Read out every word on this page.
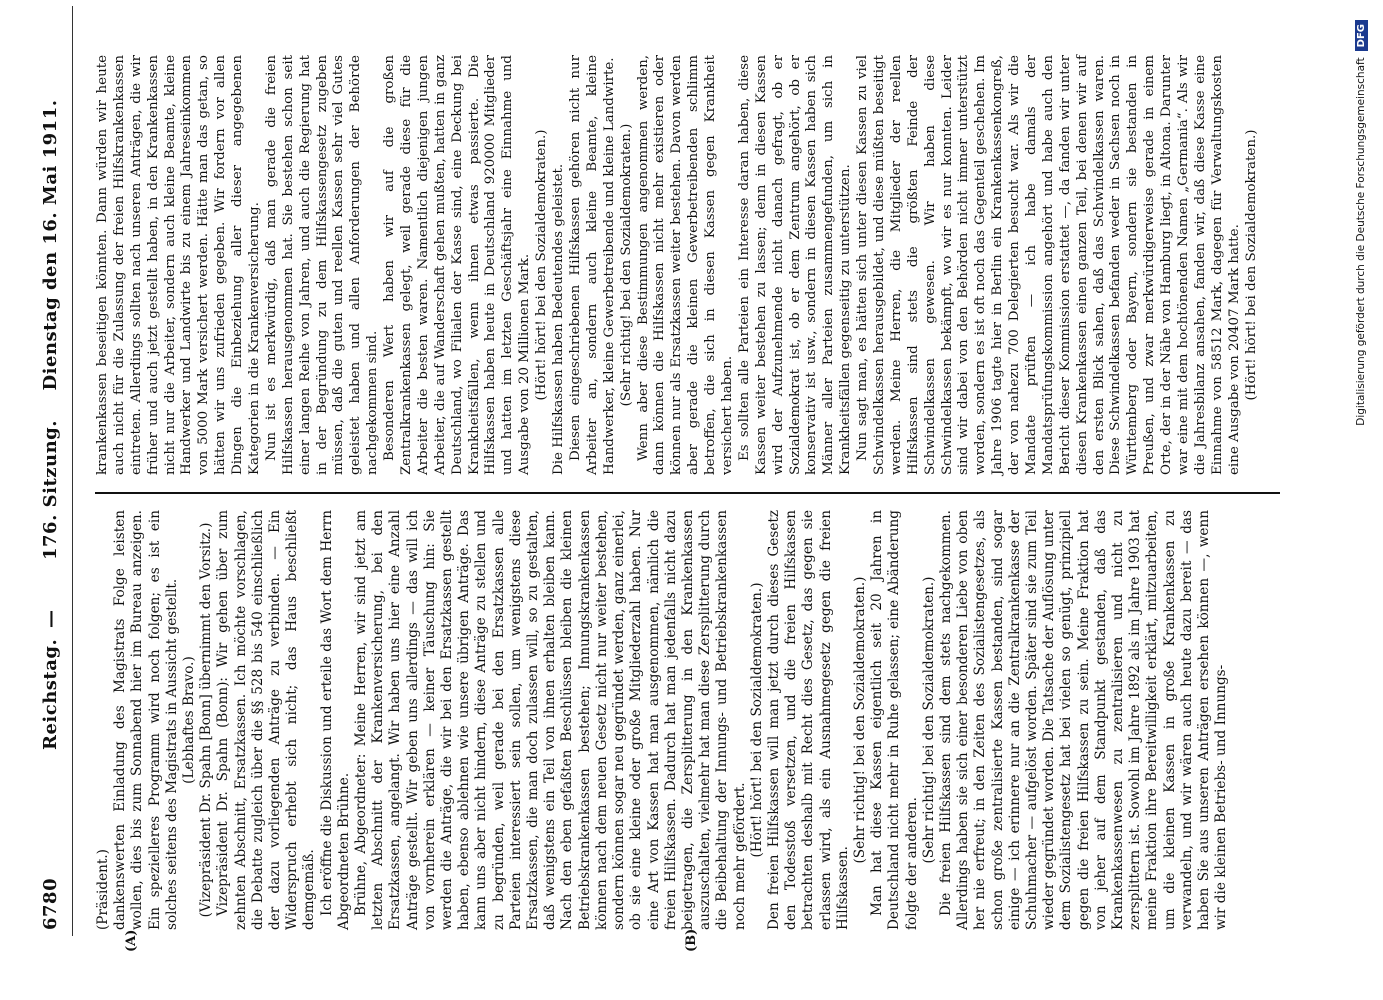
6780
Reichstag.
—
176. Sitzung.
Dienstag den 16. Mai 1911.
(A)	(B)

(Präsident.) dankenswerten Einladung des Magistrats Folge leisten wollen, dies bis zum Sonnabend hier im Bureau anzeigen. Ein spezielleres Programm wird noch folgen; es ist ein solches seitens des Magistrats in Aussicht gestellt. (Lebhaftes Bravo.) (Vizepräsident Dr. Spahn [Bonn] übernimmt den Vorsitz.) Vizepräsident Dr. Spahn (Bonn): Wir gehen über zum zehnten Abschnitt, Ersatzkassen. Ich möchte vorschlagen, die Debatte zugleich über die §§ 528 bis 540 einschließlich der dazu vorliegenden Anträge zu verbinden. — Ein Widerspruch erhebt sich nicht; das Haus beschließt demgemäß. Ich eröffne die Diskussion und erteile das Wort dem Herrn Abgeordneten Brühne. Brühne, Abgeordneter: Meine Herren, wir sind jetzt am letzten Abschnitt der Krankenversicherung, bei den Ersatzkassen, angelangt. Wir haben uns hier eine Anzahl Anträge gestellt. Wir geben uns allerdings — das will ich von vornherein erklären — keiner Täuschung hin: Sie werden die Anträge, die wir bei den Ersatzkassen gestellt haben, ebenso ablehnen wie unsere übrigen Anträge. Das kann uns aber nicht hindern, diese Anträge zu stellen und zu begründen, weil gerade bei den Ersatzkassen alle Parteien interessiert sein sollen, um wenigstens diese Ersatzkassen, die man doch zulassen will, so zu gestalten, daß wenigstens ein Teil von ihnen erhalten bleiben kann. Nach den eben gefaßten Beschlüssen bleiben die kleinen Betriebskrankenkassen bestehen; Innungskrankenkassen können nach dem neuen Gesetz nicht nur weiter bestehen, sondern können sogar neu gegründet werden, ganz einerlei, ob sie eine kleine oder große Mitgliederzahl haben. Nur eine Art von Kassen hat man ausgenommen, nämlich die freien Hilfskassen. Dadurch hat man jedenfalls nicht dazu beigetragen, die Zersplitterung in den Krankenkassen auszuschalten, vielmehr hat man diese Zersplitterung durch die Beibehaltung der Innungs- und Betriebskrankenkassen noch mehr gefördert. (Hört! hört! bei den Sozialdemokraten.) Den freien Hilfskassen will man jetzt durch dieses Gesetz den Todesstoß versetzen, und die freien Hilfskassen betrachten deshalb mit Recht dies Gesetz, das gegen sie erlassen wird, als ein Ausnahmegesetz gegen die freien Hilfskassen.

(Sehr richtig! bei den Sozialdemokraten.) Man hat diese Kassen eigentlich seit 20 Jahren in Deutschland nicht mehr in Ruhe gelassen; eine Abänderung folgte der anderen.

(Sehr richtig! bei den Sozialdemokraten.) Die freien Hilfskassen sind dem stets nachgekommen. Allerdings haben sie sich einer besonderen Liebe von oben her nie erfreut; in den Zeiten des Sozialistengesetzes, als schon große zentralisierte Kassen bestanden, sind sogar einige — ich erinnere nur an die Zentralkrankenkasse der Schuhmacher — aufgelöst worden. Später sind sie zum Teil wieder gegründet worden. Die Tatsache der Auflösung unter dem Sozialistengesetz hat bei vielen so genügt, prinzipiell gegen die freien Hilfskassen zu sein. Meine Fraktion hat von jeher auf dem Standpunkt gestanden, daß das Krankenkassenwesen zu zentralisieren und nicht zu zersplittern ist. Sowohl im Jahre 1892 als im Jahre 1903 hat meine Fraktion ihre Bereitwilligkeit erklärt, mitzuarbeiten, um die kleinen Kassen in große Krankenkassen zu verwandeln, und wir wären auch heute dazu bereit — das haben Sie aus unseren Anträgen ersehen können —, wenn wir die kleinen Betriebs- und Innungs-

krankenkassen beseitigen könnten. Dann würden wir heute auch nicht für die Zulassung der freien Hilfskrankenkassen eintreten. Allerdings sollten nach unseren Anträgen, die wir früher und auch jetzt gestellt haben, in den Krankenkassen nicht nur die Arbeiter, sondern auch kleine Beamte, kleine Handwerker und Landwirte bis zu einem Jahreseinkommen von 5000 Mark versichert werden. Hätte man das getan, so hätten wir uns zufrieden gegeben. Wir fordern vor allen Dingen die Einbeziehung aller dieser angegebenen Kategorien in die Krankenversicherung. Nun ist es merkwürdig, daß man gerade die freien Hilfskassen herausgenommen hat. Sie bestehen schon seit einer langen Reihe von Jahren, und auch die Regierung hat in der Begründung zu dem Hilfskassengesetz zugeben müssen, daß die guten und reellen Kassen sehr viel Gutes geleistet haben und allen Anforderungen der Behörde nachgekommen sind. Besonderen Wert haben wir auf die großen Zentralkrankenkassen gelegt, weil gerade diese für die Arbeiter die besten waren. Namentlich diejenigen jungen Arbeiter, die auf Wanderschaft gehen mußten, hatten in ganz Deutschland, wo Filialen der Kasse sind, eine Deckung bei Krankheitsfällen, wenn ihnen etwas passierte. Die Hilfskassen haben heute in Deutschland 920000 Mitglieder und hatten im letzten Geschäftsjahr eine Einnahme und Ausgabe von 20 Millionen Mark. (Hört! hört! bei den Sozialdemokraten.) Die Hilfskassen haben Bedeutendes geleistet. Diesen eingeschriebenen Hilfskassen gehören nicht nur Arbeiter an, sondern auch kleine Beamte, kleine Handwerker, kleine Gewerbetreibende und kleine Landwirte. (Sehr richtig! bei den Sozialdemokraten.) Wenn aber diese Bestimmungen angenommen werden, dann können die Hilfskassen nicht mehr existieren oder können nur als Ersatzkassen weiter bestehen. Davon werden aber gerade die kleinen Gewerbetreibenden schlimm betroffen, die sich in diesen Kassen gegen Krankheit versichert haben. Es sollten alle Parteien ein Interesse daran haben, diese Kassen weiter bestehen zu lassen; denn in diesen Kassen wird der Aufzunehmende nicht danach gefragt, ob er Sozialdemokrat ist, ob er dem Zentrum angehört, ob er konservativ ist usw., sondern in diesen Kassen haben sich Männer aller Parteien zusammengefunden, um sich in Krankheitsfällen gegenseitig zu unterstützen. Nun sagt man, es hätten sich unter diesen Kassen zu viel Schwindelkassen herausgebildet, und diese müßten beseitigt werden. Meine Herren, die Mitglieder der reellen Hilfskassen sind stets die größten Feinde der Schwindelkassen gewesen. Wir haben diese Schwindelkassen bekämpft, wo wir es nur konnten. Leider sind wir dabei von den Behörden nicht immer unterstützt worden, sondern es ist oft noch das Gegenteil geschehen. Im Jahre 1906 tagte hier in Berlin ein Krankenkassenkongreß, der von nahezu 700 Delegierten besucht war. Als wir die Mandate prüften — ich habe damals der Mandatsprüfungskommission angehört und habe auch den Bericht dieser Kommission erstattet —, da fanden wir unter diesen Krankenkassen einen ganzen Teil, bei denen wir auf den ersten Blick sahen, daß das Schwindelkassen waren. Diese Schwindelkassen befanden weder in Sachsen noch in Württemberg oder Bayern, sondern sie bestanden in Preußen, und zwar merkwürdigerweise gerade in einem Orte, der in der Nähe von Hamburg liegt, in Altona. Darunter war eine mit dem hochtönenden Namen „Germania“. Als wir die Jahresbilanz ansahen, fanden wir, daß diese Kasse eine Einnahme von 58512 Mark, dagegen für Verwaltungskosten eine Ausgabe von 20407 Mark hatte. (Hört! hört! bei den Sozialdemokraten.)	Digitalisierung gefördert durch die Deutsche ForschungsgemeinschaftDFG
